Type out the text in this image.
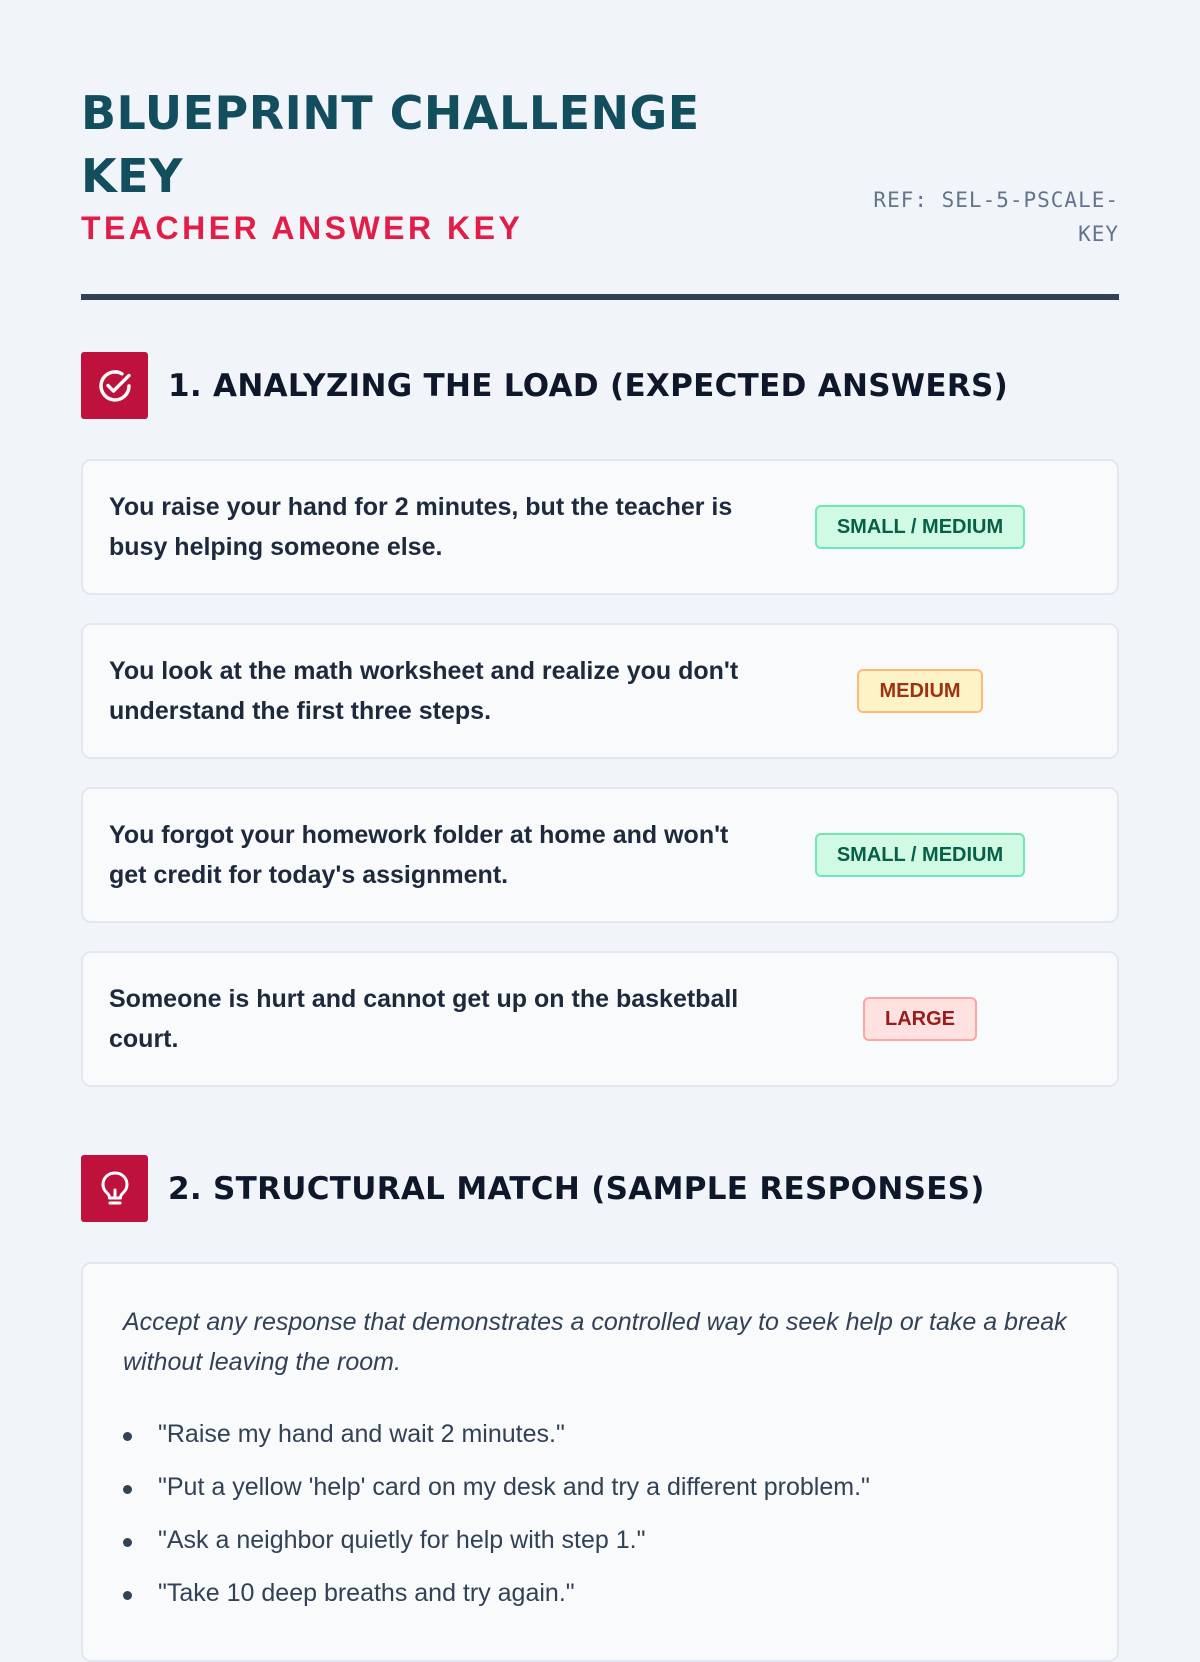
BLUEPRINT CHALLENGE KEY
TEACHER ANSWER KEY
REF: SEL-5-PSCALE-KEY
1. ANALYZING THE LOAD (EXPECTED ANSWERS)
You raise your hand for 2 minutes, but the teacher is busy helping someone else.
SMALL / MEDIUM
You look at the math worksheet and realize you don't understand the first three steps.
MEDIUM
You forgot your homework folder at home and won't get credit for today's assignment.
SMALL / MEDIUM
Someone is hurt and cannot get up on the basketball court.
LARGE
2. STRUCTURAL MATCH (SAMPLE RESPONSES)

Accept any response that demonstrates a controlled way to seek help or take a break without leaving the room.

"Raise my hand and wait 2 minutes."
"Put a yellow 'help' card on my desk and try a different problem."
"Ask a neighbor quietly for help with step 1."
"Take 10 deep breaths and try again."
